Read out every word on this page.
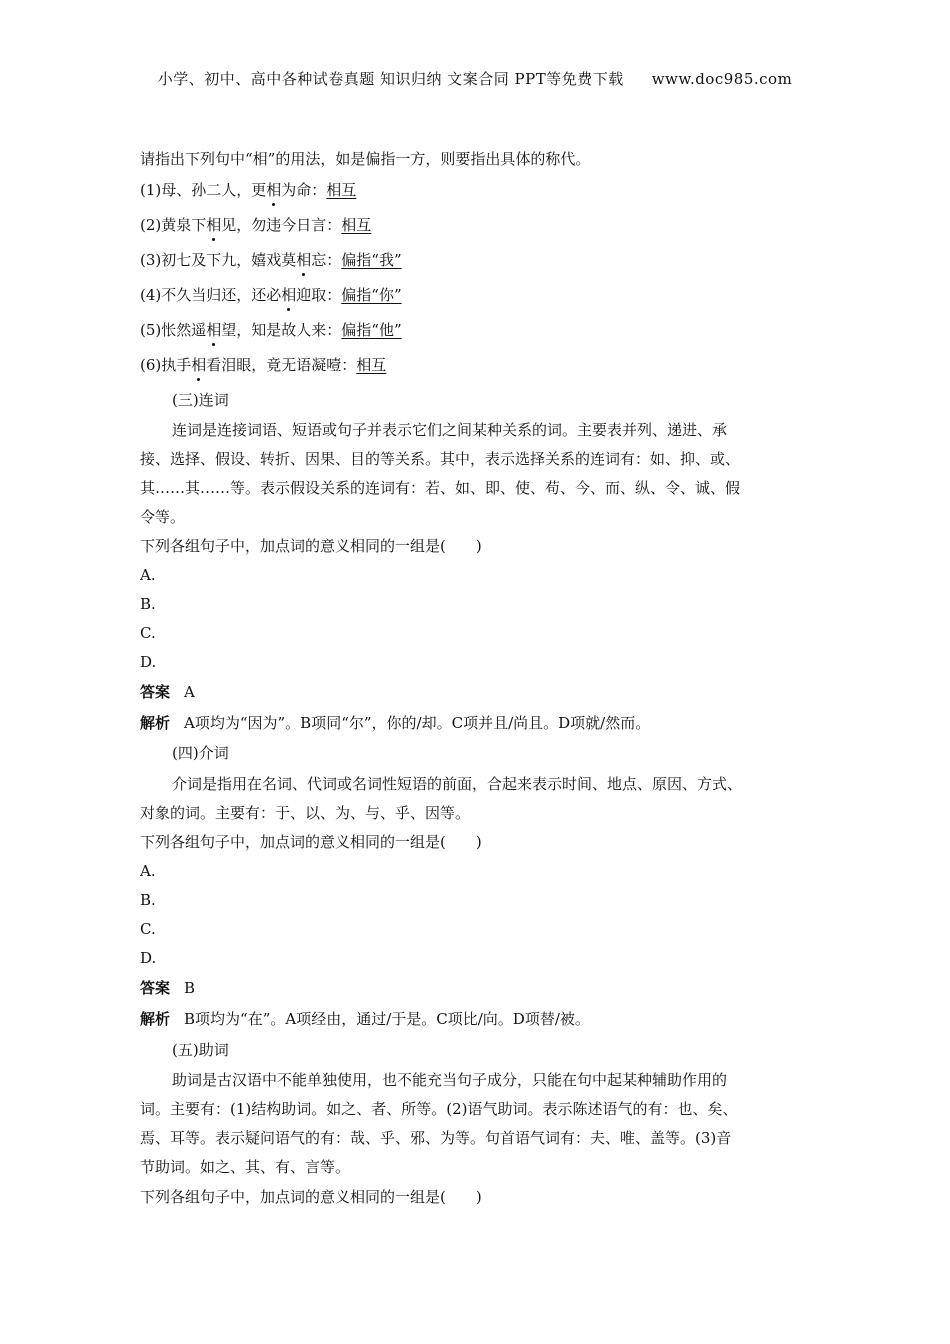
小学、初中、高中各种试卷真题 知识归纳 文案合同 PPT等免费下载 www.doc985.com
请指出下列句中“相”的用法，如是偏指一方，则要指出具体的称代。
(1)母、孙二人，更相为命：相互
(2)黄泉下相见，勿违今日言：相互
(3)初七及下九，嬉戏莫相忘：偏指“我”
(4)不久当归还，还必相迎取：偏指“你”
(5)怅然遥相望，知是故人来：偏指“他”
(6)执手相看泪眼，竟无语凝噎：相互
(三)连词
连词是连接词语、短语或句子并表示它们之间某种关系的词。主要表并列、递进、承
接、选择、假设、转折、因果、目的等关系。其中，表示选择关系的连词有：如、抑、或、
其……其……等。表示假设关系的连词有：若、如、即、使、苟、今、而、纵、令、诚、假
令等。
下列各组句子中，加点词的意义相同的一组是( )
A.
B.
C.
D.
答案 A
解析 A项均为“因为”。B项同“尔”，你的/却。C项并且/尚且。D项就/然而。
(四)介词
介词是指用在名词、代词或名词性短语的前面，合起来表示时间、地点、原因、方式、
对象的词。主要有：于、以、为、与、乎、因等。
下列各组句子中，加点词的意义相同的一组是( )
A.
B.
C.
D.
答案 B
解析 B项均为“在”。A项经由，通过/于是。C项比/向。D项替/被。
(五)助词
助词是古汉语中不能单独使用，也不能充当句子成分，只能在句中起某种辅助作用的
词。主要有：(1)结构助词。如之、者、所等。(2)语气助词。表示陈述语气的有：也、矣、
焉、耳等。表示疑问语气的有：哉、乎、邪、为等。句首语气词有：夫、唯、盖等。(3)音
节助词。如之、其、有、言等。
下列各组句子中，加点词的意义相同的一组是( )
